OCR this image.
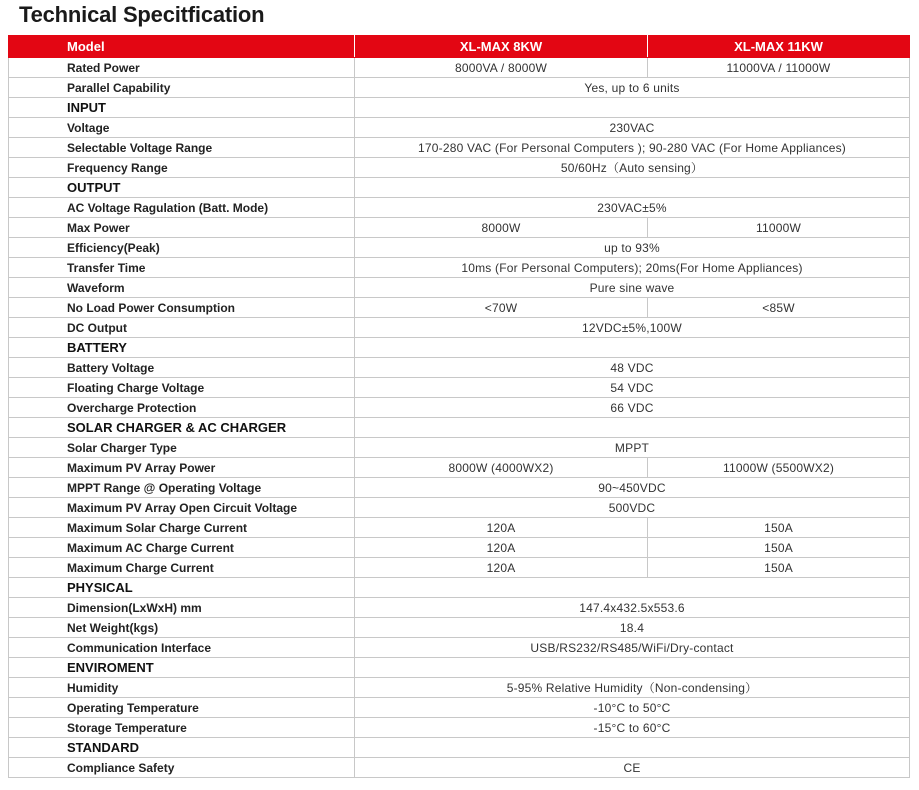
Technical Specitfication
Model	XL-MAX 8KW	XL-MAX 11KW
Rated Power	8000VA / 8000W	11000VA / 11000W
Parallel Capability	Yes, up to 6 units	
INPUT		
Voltage	230VAC	
Selectable Voltage Range	170-280 VAC (For Personal Computers ); 90-280 VAC (For Home Appliances)	
Frequency Range	50/60Hz（Auto sensing）	
OUTPUT		
AC Voltage Ragulation (Batt. Mode)	230VAC±5%	
Max Power	8000W	11000W
Efficiency(Peak)	up to 93%	
Transfer Time	10ms (For Personal Computers); 20ms(For Home Appliances)	
Waveform	Pure sine wave	
No Load Power Consumption	<70W	<85W
DC Output	12VDC±5%,100W	
BATTERY		
Battery Voltage	48 VDC	
Floating Charge Voltage	54 VDC	
Overcharge Protection	66 VDC	
SOLAR CHARGER & AC CHARGER		
Solar Charger Type	MPPT	
Maximum PV Array Power	8000W (4000WX2)	11000W (5500WX2)
MPPT Range @ Operating Voltage	90~450VDC	
Maximum PV Array Open Circuit Voltage	500VDC	
Maximum Solar Charge Current	120A	150A
Maximum AC Charge Current	120A	150A
Maximum Charge Current	120A	150A
PHYSICAL		
Dimension(LxWxH) mm	147.4x432.5x553.6	
Net Weight(kgs)	18.4	
Communication Interface	USB/RS232/RS485/WiFi/Dry-contact	
ENVIROMENT		
Humidity	5-95% Relative Humidity（Non-condensing）	
Operating Temperature	-10°C to 50°C	
Storage Temperature	-15°C to 60°C	
STANDARD		
Compliance Safety	CE	
